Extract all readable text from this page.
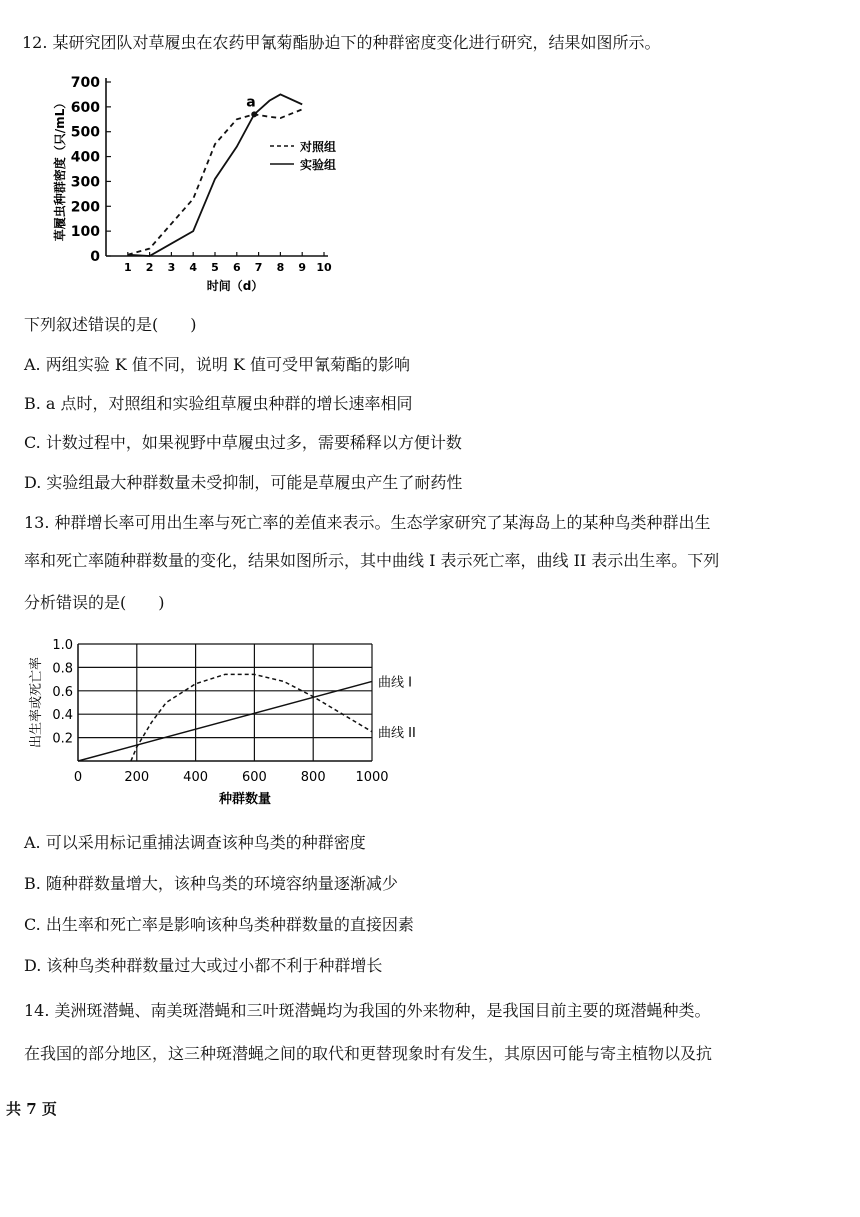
12. 某研究团队对草履虫在农药甲氰菊酯胁迫下的种群密度变化进行研究，结果如图所示。
0
100
200
300
400
500
600
700
1 2 3 4 5 6 7 8 9 10
草履虫种群密度（只/mL）
时间（d）
对照组
实验组
a
下列叙述错误的是(　　)
A. 两组实验 K 值不同，说明 K 值可受甲氰菊酯的影响
B. a 点时，对照组和实验组草履虫种群的增长速率相同
C. 计数过程中，如果视野中草履虫过多，需要稀释以方便计数
D. 实验组最大种群数量未受抑制，可能是草履虫产生了耐药性
13. 种群增长率可用出生率与死亡率的差值来表示。生态学家研究了某海岛上的某种鸟类种群出生
率和死亡率随种群数量的变化，结果如图所示，其中曲线 I 表示死亡率，曲线 II 表示出生率。下列
分析错误的是(　　)
0.2
0.4
0.6
0.8
1.0
0	200	400	600	800 1000
出生率或死亡率
种群数量
曲线 I
曲线 II
A. 可以采用标记重捕法调查该种鸟类的种群密度
B. 随种群数量增大，该种鸟类的环境容纳量逐渐减少
C. 出生率和死亡率是影响该种鸟类种群数量的直接因素
D. 该种鸟类种群数量过大或过小都不利于种群增长
14. 美洲斑潜蝇、南美斑潜蝇和三叶斑潜蝇均为我国的外来物种，是我国目前主要的斑潜蝇种类。
在我国的部分地区，这三种斑潜蝇之间的取代和更替现象时有发生，其原因可能与寄主植物以及抗
共 7 页
